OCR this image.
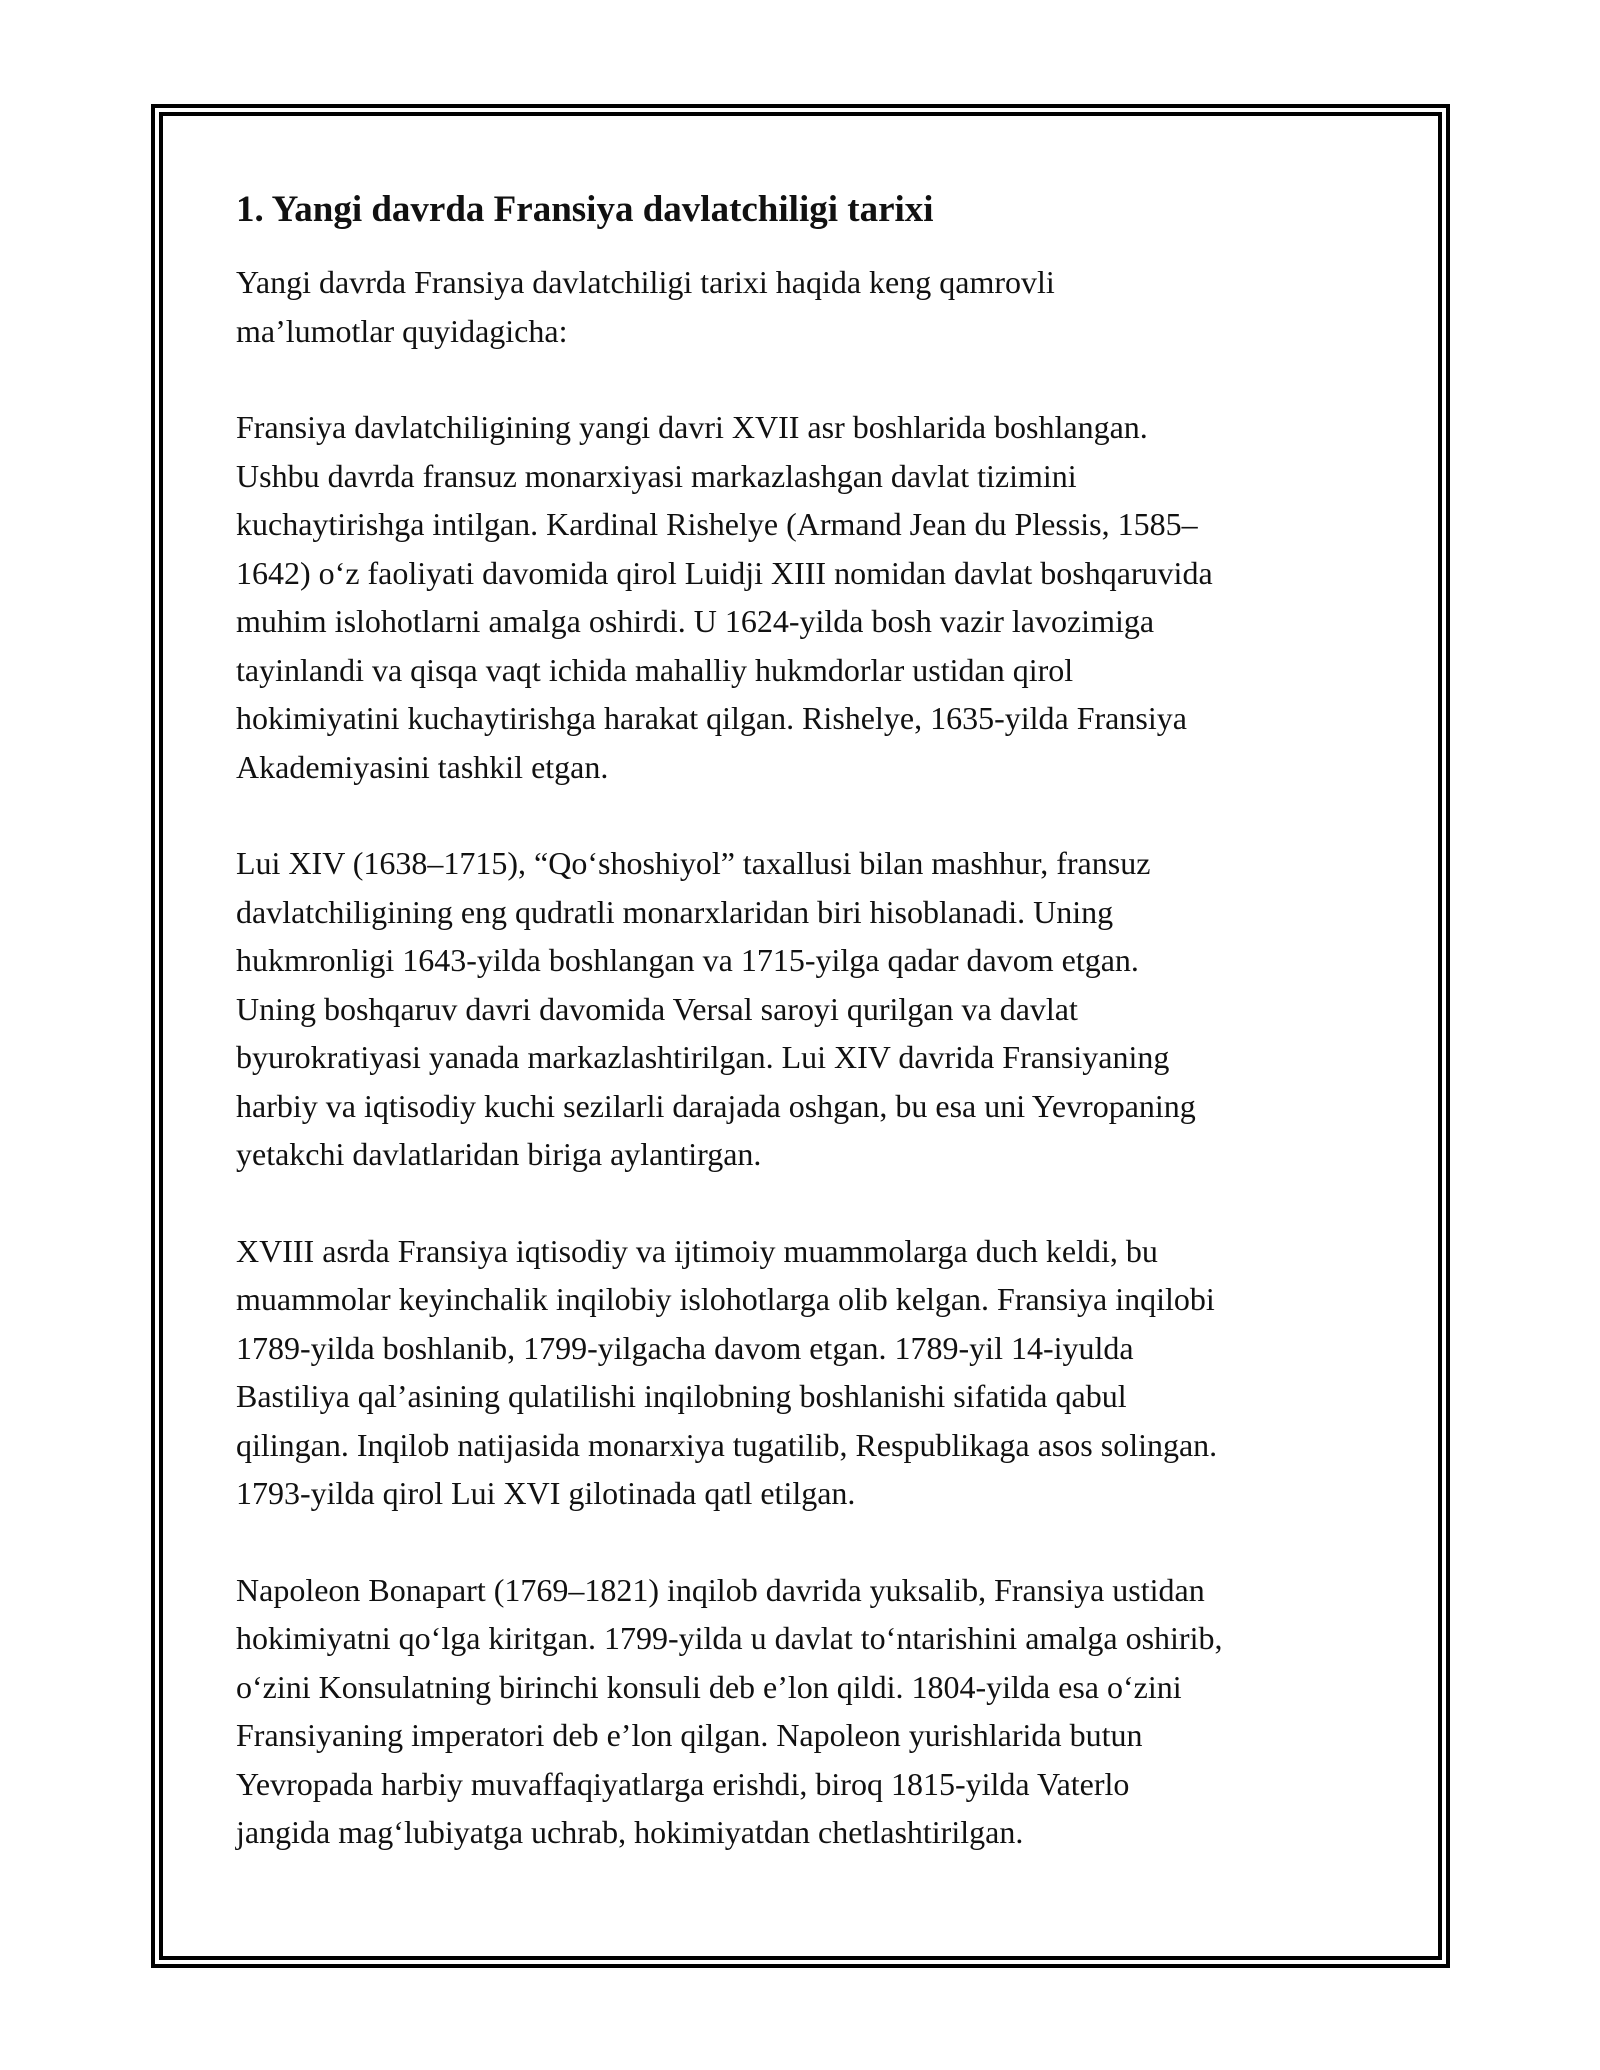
1. Yangi davrda Fransiya davlatchiligi tarixi

Yangi davrda Fransiya davlatchiligi tarixi haqida keng qamrovli
ma’lumotlar quyidagicha:

Fransiya davlatchiligining yangi davri XVII asr boshlarida boshlangan.
Ushbu davrda fransuz monarxiyasi markazlashgan davlat tizimini
kuchaytirishga intilgan. Kardinal Rishelye (Armand Jean du Plessis, 1585–
1642) o‘z faoliyati davomida qirol Luidji XIII nomidan davlat boshqaruvida
muhim islohotlarni amalga oshirdi. U 1624-yilda bosh vazir lavozimiga
tayinlandi va qisqa vaqt ichida mahalliy hukmdorlar ustidan qirol
hokimiyatini kuchaytirishga harakat qilgan. Rishelye, 1635-yilda Fransiya
Akademiyasini tashkil etgan.

Lui XIV (1638–1715), “Qo‘shoshiyol” taxallusi bilan mashhur, fransuz
davlatchiligining eng qudratli monarxlaridan biri hisoblanadi. Uning
hukmronligi 1643-yilda boshlangan va 1715-yilga qadar davom etgan.
Uning boshqaruv davri davomida Versal saroyi qurilgan va davlat
byurokratiyasi yanada markazlashtirilgan. Lui XIV davrida Fransiyaning
harbiy va iqtisodiy kuchi sezilarli darajada oshgan, bu esa uni Yevropaning
yetakchi davlatlaridan biriga aylantirgan.

XVIII asrda Fransiya iqtisodiy va ijtimoiy muammolarga duch keldi, bu
muammolar keyinchalik inqilobiy islohotlarga olib kelgan. Fransiya inqilobi
1789-yilda boshlanib, 1799-yilgacha davom etgan. 1789-yil 14-iyulda
Bastiliya qal’asining qulatilishi inqilobning boshlanishi sifatida qabul
qilingan. Inqilob natijasida monarxiya tugatilib, Respublikaga asos solingan.
1793-yilda qirol Lui XVI gilotinada qatl etilgan.

Napoleon Bonapart (1769–1821) inqilob davrida yuksalib, Fransiya ustidan
hokimiyatni qo‘lga kiritgan. 1799-yilda u davlat to‘ntarishini amalga oshirib,
o‘zini Konsulatning birinchi konsuli deb e’lon qildi. 1804-yilda esa o‘zini
Fransiyaning imperatori deb e’lon qilgan. Napoleon yurishlarida butun
Yevropada harbiy muvaffaqiyatlarga erishdi, biroq 1815-yilda Vaterlo
jangida mag‘lubiyatga uchrab, hokimiyatdan chetlashtirilgan.
